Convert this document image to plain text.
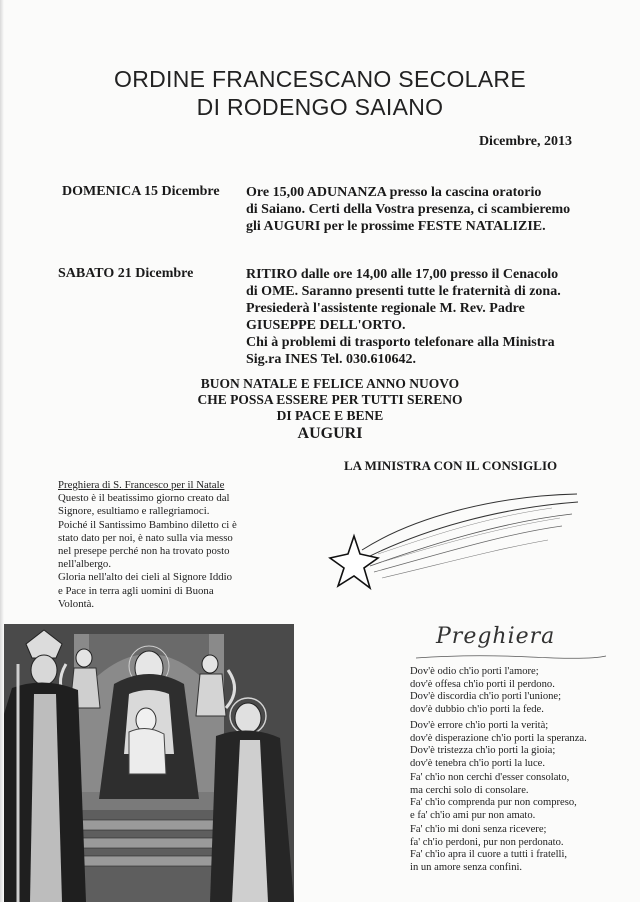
ORDINE FRANCESCANO SECOLARE
DI RODENGO SAIANO
Dicembre, 2013
DOMENICA 15 Dicembre Ore 15,00 ADUNANZA presso la cascina oratorio
di Saiano. Certi della Vostra presenza, ci scambieremo
gli AUGURI per le prossime FESTE NATALIZIE.
SABATO 21 Dicembre	RITIRO dalle ore 14,00 alle 17,00 presso il Cenacolo
di OME. Saranno presenti tutte le fraternità di zona.
Presiederà l'assistente regionale M. Rev. Padre
GIUSEPPE DELL'ORTO.
Chi à problemi di trasporto telefonare alla Ministra
Sig.ra INES Tel. 030.610642.
BUON NATALE E FELICE ANNO NUOVO
CHE POSSA ESSERE PER TUTTI SERENO
DI PACE E BENE
AUGURI
LA MINISTRA CON IL CONSIGLIO
Preghiera di S. Francesco per il Natale
Questo è il beatissimo giorno creato dal
Signore, esultiamo e rallegriamoci.
Poiché il Santissimo Bambino diletto ci è
stato dato per noi, è nato sulla via messo
nel presepe perché non ha trovato posto
nell'albergo.
Gloria nell'alto dei cieli al Signore Iddio
e Pace in terra agli uomini di Buona
Volontà.
Preghiera
Dov'è odio ch'io porti l'amore;
dov'è offesa ch'io porti il perdono.
Dov'è discordia ch'io porti l'unione;
dov'è dubbio ch'io porti la fede.
Dov'è errore ch'io porti la verità;
dov'è disperazione ch'io porti la speranza.
Dov'è tristezza ch'io porti la gioia;
dov'è tenebra ch'io porti la luce.
Fa' ch'io non cerchi d'esser consolato,
ma cerchi solo di consolare.
Fa' ch'io comprenda pur non compreso,
e fa' ch'io ami pur non amato.
Fa' ch'io mi doni senza ricevere;
fa' ch'io perdoni, pur non perdonato.
Fa' ch'io apra il cuore a tutti i fratelli,
in un amore senza confini.
